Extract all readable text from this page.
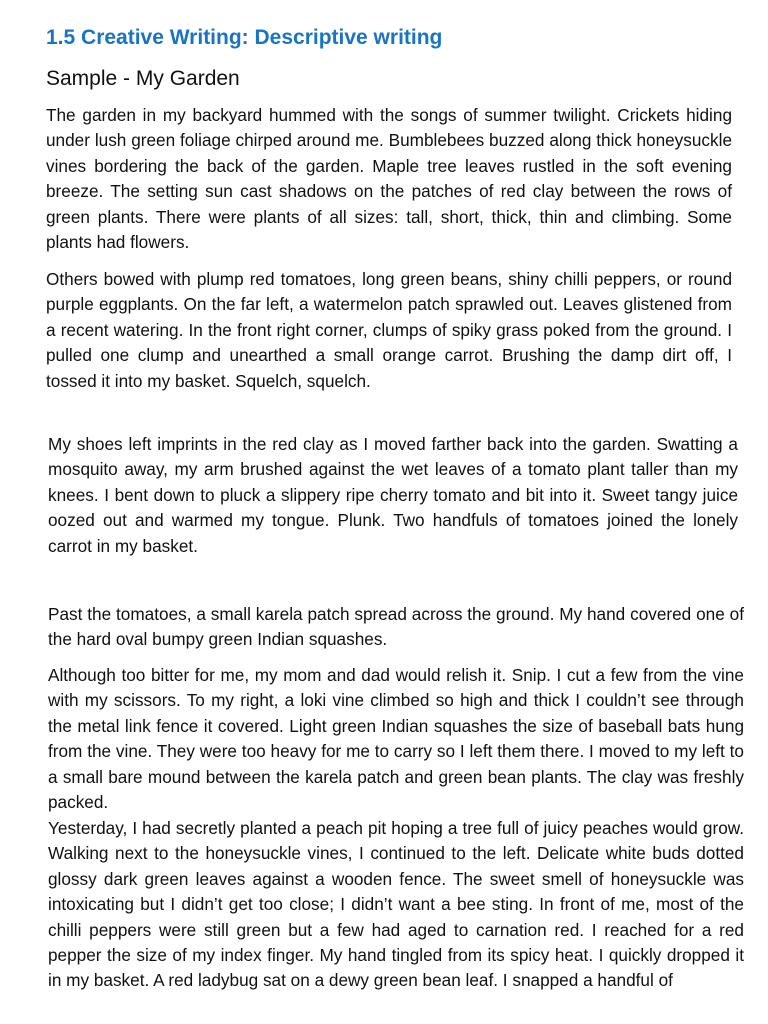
1.5 Creative Writing: Descriptive writing
Sample - My Garden

The garden in my backyard hummed with the songs of summer twilight. Crickets hiding under lush green foliage chirped around me. Bumblebees buzzed along thick honeysuckle vines bordering the back of the garden. Maple tree leaves rustled in the soft evening breeze. The setting sun cast shadows on the patches of red clay between the rows of green plants. There were plants of all sizes: tall, short, thick, thin and climbing. Some plants had flowers.

Others bowed with plump red tomatoes, long green beans, shiny chilli peppers, or round purple eggplants. On the far left, a watermelon patch sprawled out. Leaves glistened from a recent watering. In the front right corner, clumps of spiky grass poked from the ground. I pulled one clump and unearthed a small orange carrot. Brushing the damp dirt off, I tossed it into my basket. Squelch, squelch.

My shoes left imprints in the red clay as I moved farther back into the garden. Swatting a mosquito away, my arm brushed against the wet leaves of a tomato plant taller than my knees. I bent down to pluck a slippery ripe cherry tomato and bit into it. Sweet tangy juice oozed out and warmed my tongue. Plunk. Two handfuls of tomatoes joined the lonely carrot in my basket.

Past the tomatoes, a small karela patch spread across the ground. My hand covered one of the hard oval bumpy green Indian squashes.

Although too bitter for me, my mom and dad would relish it. Snip. I cut a few from the vine with my scissors. To my right, a loki vine climbed so high and thick I couldn’t see through the metal link fence it covered. Light green Indian squashes the size of baseball bats hung from the vine. They were too heavy for me to carry so I left them there. I moved to my left to a small bare mound between the karela patch and green bean plants. The clay was freshly packed.

Yesterday, I had secretly planted a peach pit hoping a tree full of juicy peaches would grow. Walking next to the honeysuckle vines, I continued to the left. Delicate white buds dotted glossy dark green leaves against a wooden fence. The sweet smell of honeysuckle was intoxicating but I didn’t get too close; I didn’t want a bee sting. In front of me, most of the chilli peppers were still green but a few had aged to carnation red. I reached for a red pepper the size of my index finger. My hand tingled from its spicy heat. I quickly dropped it in my basket. A red ladybug sat on a dewy green bean leaf. I snapped a handful of
